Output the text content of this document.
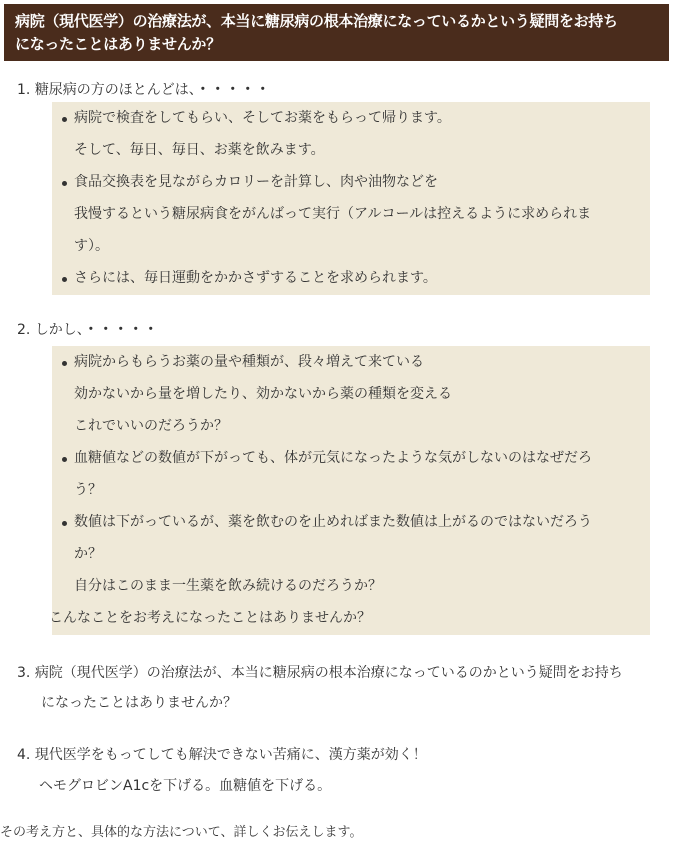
病院（現代医学）の治療法が、本当に糖尿病の根本治療になっているかという疑問をお持ち
になったことはありませんか？
1. 糖尿病の方のほとんどは、・・・・・
病院で検査をしてもらい、そしてお薬をもらって帰ります。
そして、毎日、毎日、お薬を飲みます。
食品交換表を見ながらカロリーを計算し、肉や油物などを
我慢するという糖尿病食をがんばって実行（アルコールは控えるように求められま
す）。
さらには、毎日運動をかかさずすることを求められます。
2. しかし、・・・・・
病院からもらうお薬の量や種類が、段々増えて来ている
効かないから量を増したり、効かないから薬の種類を変える
これでいいのだろうか？
血糖値などの数値が下がっても、体が元気になったような気がしないのはなぜだろ
う？
数値は下がっているが、薬を飲むのを止めればまた数値は上がるのではないだろう
か？
自分はこのまま一生薬を飲み続けるのだろうか？
こんなことをお考えになったことはありませんか？
3. 病院（現代医学）の治療法が、本当に糖尿病の根本治療になっているのかという疑問をお持ち
になったことはありませんか？
4. 現代医学をもってしても解決できない苦痛に、漢方薬が効く！
ヘモグロビンA1cを下げる。血糖値を下げる。
その考え方と、具体的な方法について、詳しくお伝えします。
